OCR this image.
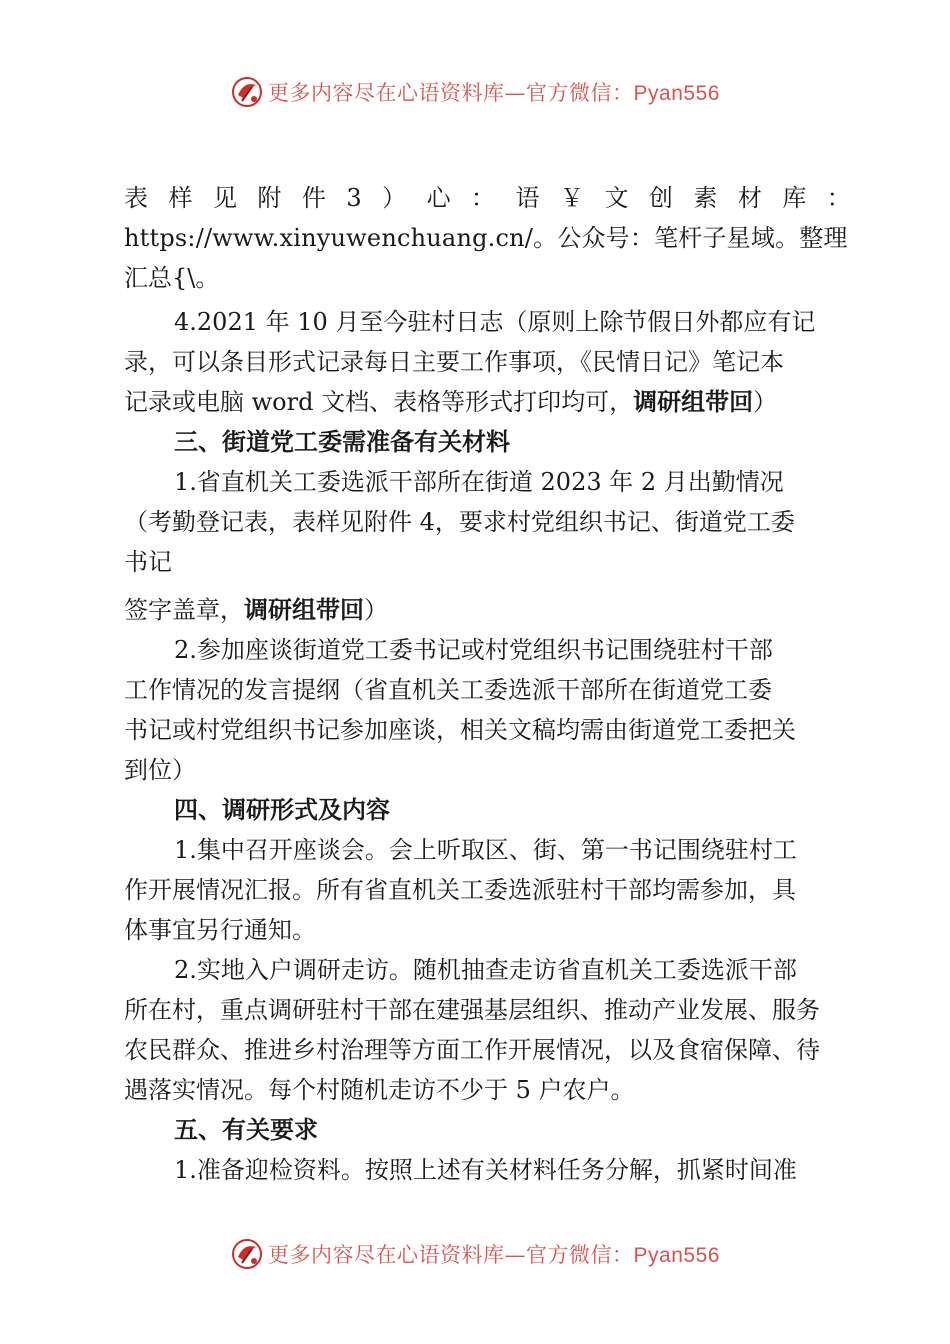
更多内容尽在心语资料库—官方微信：Pyan556
表 样 见 附 件 3 ） 心 ： 语 ￥ 文 创 素 材 库 ：
https://www.xinyuwenchuang.cn/。公众号：笔杆子星域。整理
汇总{\。
4.2021 年 10 月至今驻村日志（原则上除节假日外都应有记
录，可以条目形式记录每日主要工作事项，《民情日记》笔记本
记录或电脑 word 文档、表格等形式打印均可，调研组带回）
三、街道党工委需准备有关材料
1.省直机关工委选派干部所在街道 2023 年 2 月出勤情况
（考勤登记表，表样见附件 4，要求村党组织书记、街道党工委
书记
签字盖章，调研组带回）
2.参加座谈街道党工委书记或村党组织书记围绕驻村干部
工作情况的发言提纲（省直机关工委选派干部所在街道党工委
书记或村党组织书记参加座谈，相关文稿均需由街道党工委把关
到位）
四、调研形式及内容
1.集中召开座谈会。会上听取区、街、第一书记围绕驻村工
作开展情况汇报。所有省直机关工委选派驻村干部均需参加，具
体事宜另行通知。
2.实地入户调研走访。随机抽查走访省直机关工委选派干部
所在村，重点调研驻村干部在建强基层组织、推动产业发展、服务
农民群众、推进乡村治理等方面工作开展情况，以及食宿保障、待
遇落实情况。每个村随机走访不少于 5 户农户。
五、有关要求
1.准备迎检资料。按照上述有关材料任务分解，抓紧时间准
更多内容尽在心语资料库—官方微信：Pyan556
